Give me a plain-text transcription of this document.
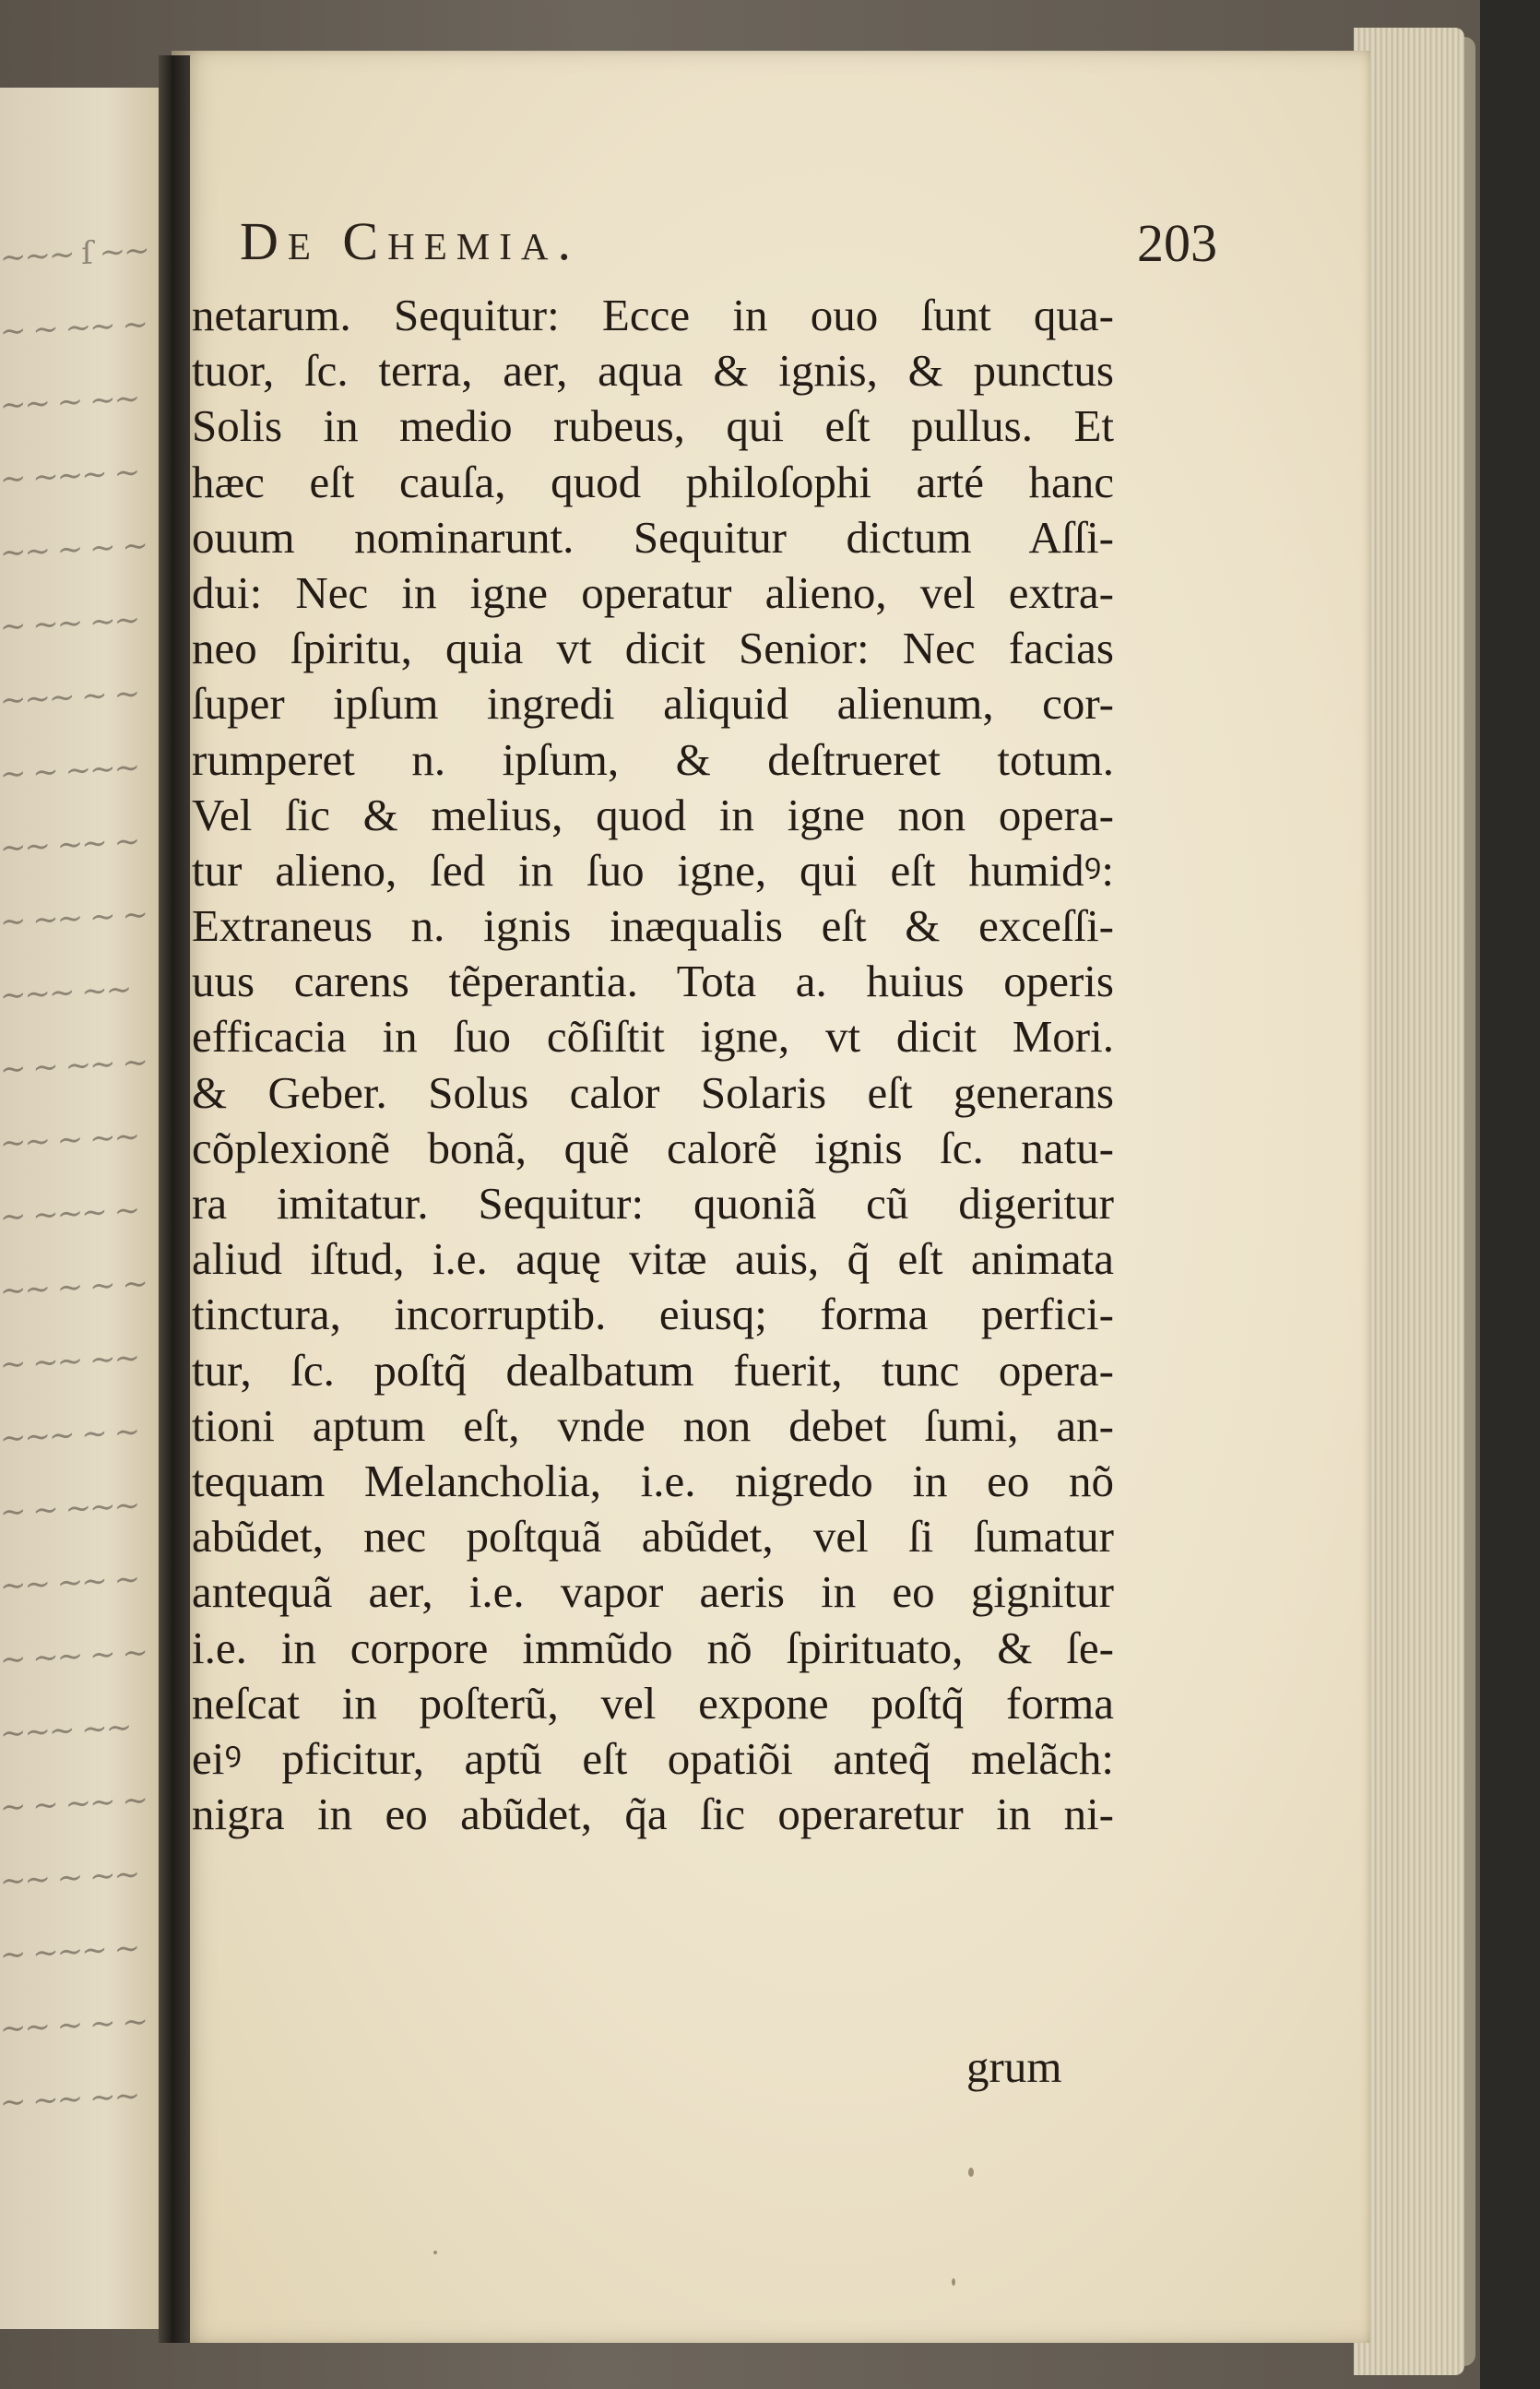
~~~ ſ ~~
~ ~ ~~ ~
~~ ~ ~~
~ ~~~ ~
~~ ~ ~ ~
~ ~~ ~~
~~~ ~ ~
~ ~ ~~~
~~ ~~ ~
~ ~~ ~ ~
~~~ ~~
~ ~ ~~ ~
~~ ~ ~~
~ ~~~ ~
~~ ~ ~ ~
~ ~~ ~~
~~~ ~ ~
~ ~ ~~~
~~ ~~ ~
~ ~~ ~ ~
~~~ ~~
~ ~ ~~ ~
~~ ~ ~~
~ ~~~ ~
~~ ~ ~ ~
~ ~~ ~~
De Chemia.	203
netarum. Sequitur: Ecce in ouo ſunt qua-
tuor, ſc. terra, aer, aqua & ignis, & punctus
Solis in medio rubeus, qui eſt pullus. Et
hæc eſt cauſa, quod philoſophi arté hanc
ouum nominarunt. Sequitur dictum Aſſi-
dui: Nec in igne operatur alieno, vel extra-
neo ſpiritu, quia vt dicit Senior: Nec facias
ſuper ipſum ingredi aliquid alienum, cor-
rumperet n. ipſum, & deſtrueret totum.
Vel ſic & melius, quod in igne non opera-
tur alieno, ſed in ſuo igne, qui eſt humidꝰ:
Extraneus n. ignis inæqualis eſt & exceſſi-
uus carens tẽperantia. Tota a. huius operis
efficacia in ſuo cõſiſtit igne, vt dicit Mori.
& Geber. Solus calor Solaris eſt generans
cõplexionẽ bonã, quẽ calorẽ ignis ſc. natu-
ra imitatur. Sequitur: quoniã cũ digeritur
aliud iſtud, i.e. aquę vitæ auis, q̃ eſt animata
tinctura, incorruptib. eiusq; forma perfici-
tur, ſc. poſtq̃ dealbatum fuerit, tunc opera-
tioni aptum eſt, vnde non debet ſumi, an-
tequam Melancholia, i.e. nigredo in eo nõ
abũdet, nec poſtquã abũdet, vel ſi ſumatur
antequã aer, i.e. vapor aeris in eo gignitur
i.e. in corpore immũdo nõ ſpirituato, & ſe-
neſcat in poſterũ, vel expone poſtq̃ forma
eiꝰ pficitur, aptũ eſt opatiõi anteq̃ melãch:
nigra in eo abũdet, q̃a ſic operaretur in ni-
grum
